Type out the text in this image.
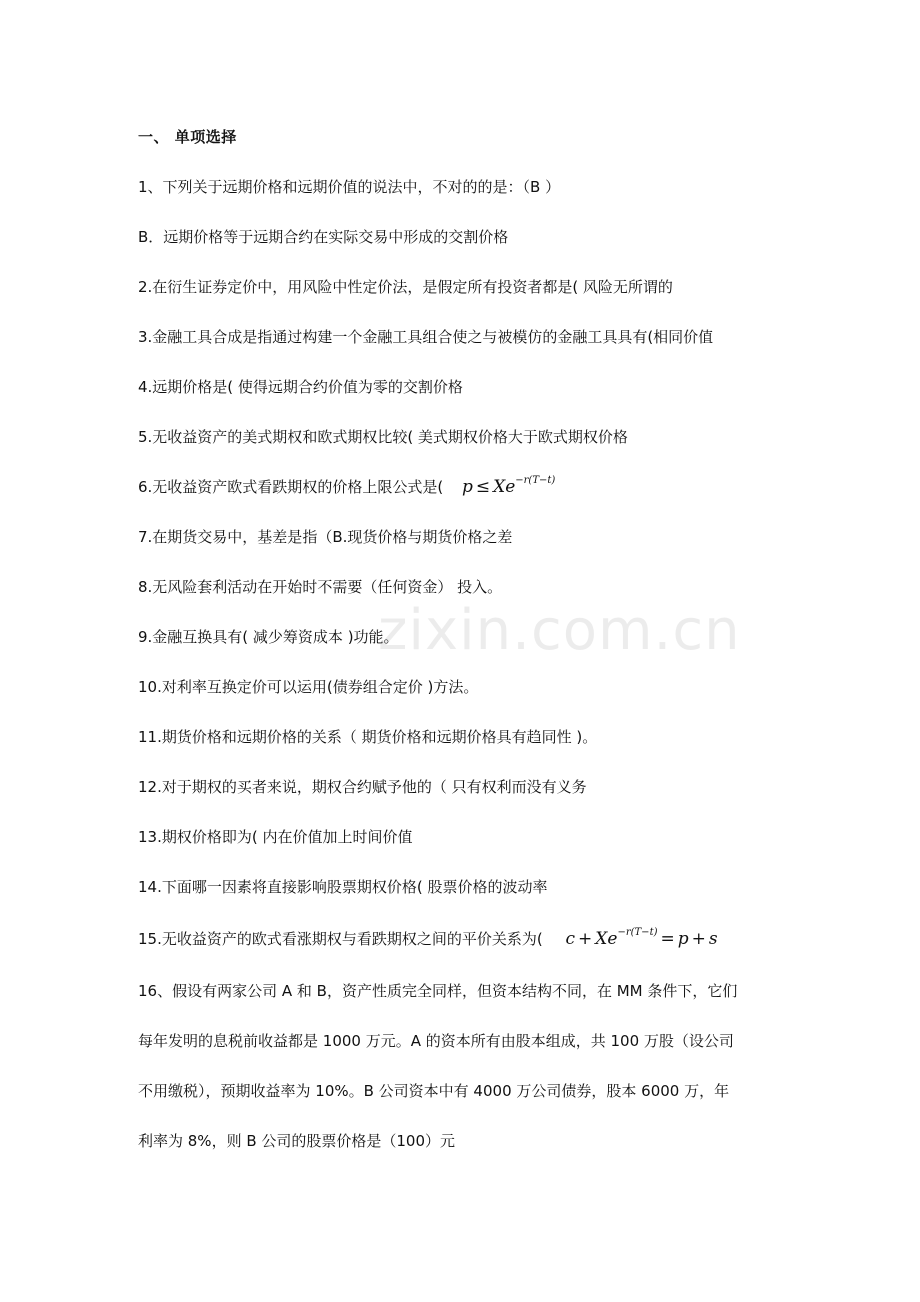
一、 单项选择
1、下列关于远期价格和远期价值的说法中，不对的的是：（B ）
B．远期价格等于远期合约在实际交易中形成的交割价格
2.在衍生证券定价中，用风险中性定价法，是假定所有投资者都是( 风险无所谓的
3.金融工具合成是指通过构建一个金融工具组合使之与被模仿的金融工具具有(相同价值
4.远期价格是( 使得远期合约价值为零的交割价格
5.无收益资产的美式期权和欧式期权比较( 美式期权价格大于欧式期权价格
6.无收益资产欧式看跌期权的价格上限公式是( $p \le Xe^{-r(T-t)}$
7.在期货交易中，基差是指（B.现货价格与期货价格之差
8.无风险套利活动在开始时不需要（任何资金） 投入。
9.金融互换具有( 减少筹资成本 )功能。
10.对利率互换定价可以运用(债券组合定价 )方法。
11.期货价格和远期价格的关系（ 期货价格和远期价格具有趋同性 )。
12.对于期权的买者来说，期权合约赋予他的（ 只有权利而没有义务
13.期权价格即为( 内在价值加上时间价值
14.下面哪一因素将直接影响股票期权价格( 股票价格的波动率
15.无收益资产的欧式看涨期权与看跌期权之间的平价关系为( $c + Xe^{-r(T-t)} = p + s$
16、假设有两家公司 A 和 B，资产性质完全同样，但资本结构不同，在 MM 条件下，它们
每年发明的息税前收益都是 1000 万元。A 的资本所有由股本组成，共 100 万股（设公司
不用缴税），预期收益率为 10%。B 公司资本中有 4000 万公司债券，股本 6000 万，年
利率为 8%，则 B 公司的股票价格是（100）元
zixin.com.cn
